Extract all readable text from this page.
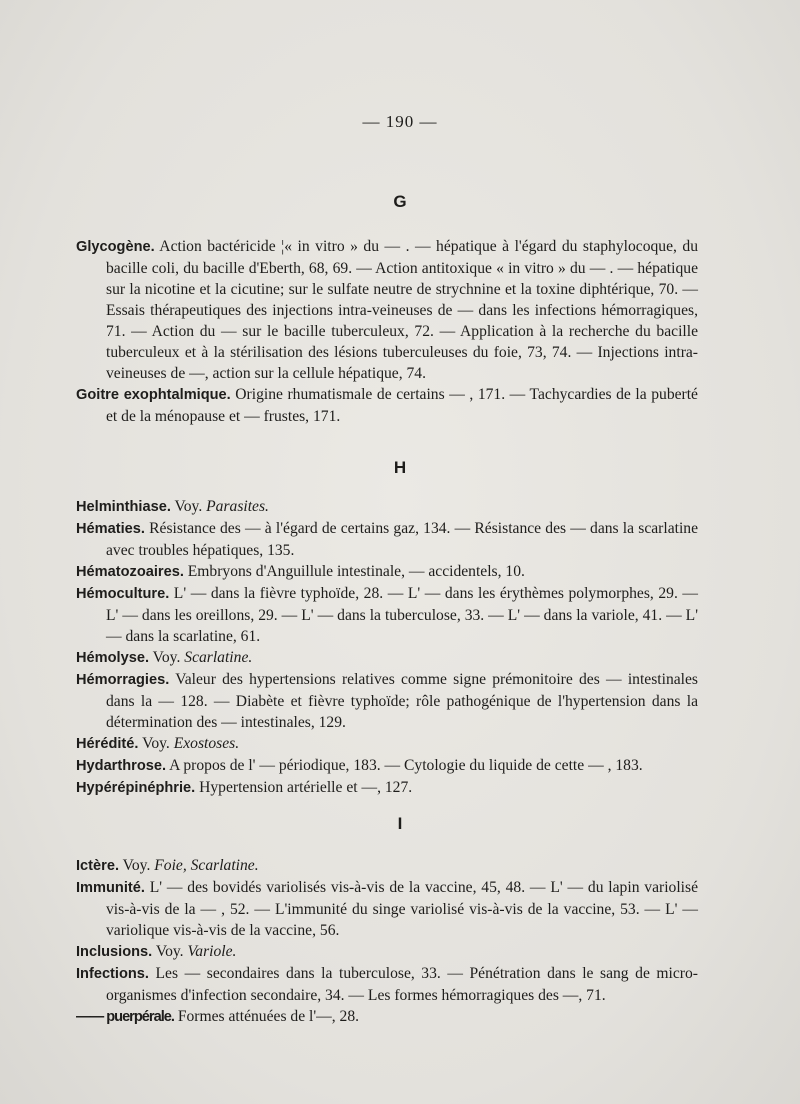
— 190 —
G

Glycogène. Action bactéricide ¦« in vitro » du — . — hépatique à l'égard du staphylocoque, du bacille coli, du bacille d'Eberth, 68, 69. — Action antitoxique « in vitro » du — . — hépatique sur la nicotine et la cicutine; sur le sulfate neutre de strychnine et la toxine diphtérique, 70. — Essais thérapeutiques des injections intra-veineuses de — dans les infections hémorragiques, 71. — Action du — sur le bacille tuberculeux, 72. — Application à la recherche du bacille tuberculeux et à la stérilisation des lésions tuberculeuses du foie, 73, 74. — Injections intra-veineuses de —, action sur la cellule hépatique, 74.

Goitre exophtalmique. Origine rhumatismale de certains — , 171. — Tachycardies de la puberté et de la ménopause et — frustes, 171.

H

Helminthiase. Voy. Parasites.

Hématies. Résistance des — à l'égard de certains gaz, 134. — Résistance des — dans la scarlatine avec troubles hépatiques, 135.

Hématozoaires. Embryons d'Anguillule intestinale, — accidentels, 10.

Hémoculture. L' — dans la fièvre typhoïde, 28. — L' — dans les érythèmes polymorphes, 29. — L' — dans les oreillons, 29. — L' — dans la tuberculose, 33. — L' — dans la variole, 41. — L' — dans la scarlatine, 61.

Hémolyse. Voy. Scarlatine.

Hémorragies. Valeur des hypertensions relatives comme signe prémonitoire des — intestinales dans la — 128. — Diabète et fièvre typhoïde; rôle pathogénique de l'hypertension dans la détermination des — intestinales, 129.

Hérédité. Voy. Exostoses.

Hydarthrose. A propos de l' — périodique, 183. — Cytologie du liquide de cette — , 183.

Hypérépinéphrie. Hypertension artérielle et —, 127.

I

Ictère. Voy. Foie, Scarlatine.

Immunité. L' — des bovidés variolisés vis-à-vis de la vaccine, 45, 48. — L' — du lapin variolisé vis-à-vis de la — , 52. — L'immunité du singe variolisé vis-à-vis de la vaccine, 53. — L' — variolique vis-à-vis de la vaccine, 56.

Inclusions. Voy. Variole.

Infections. Les — secondaires dans la tuberculose, 33. — Pénétration dans le sang de micro-organismes d'infection secondaire, 34. — Les formes hémorragiques des —, 71.

—— puerpérale. Formes atténuées de l'—, 28.
